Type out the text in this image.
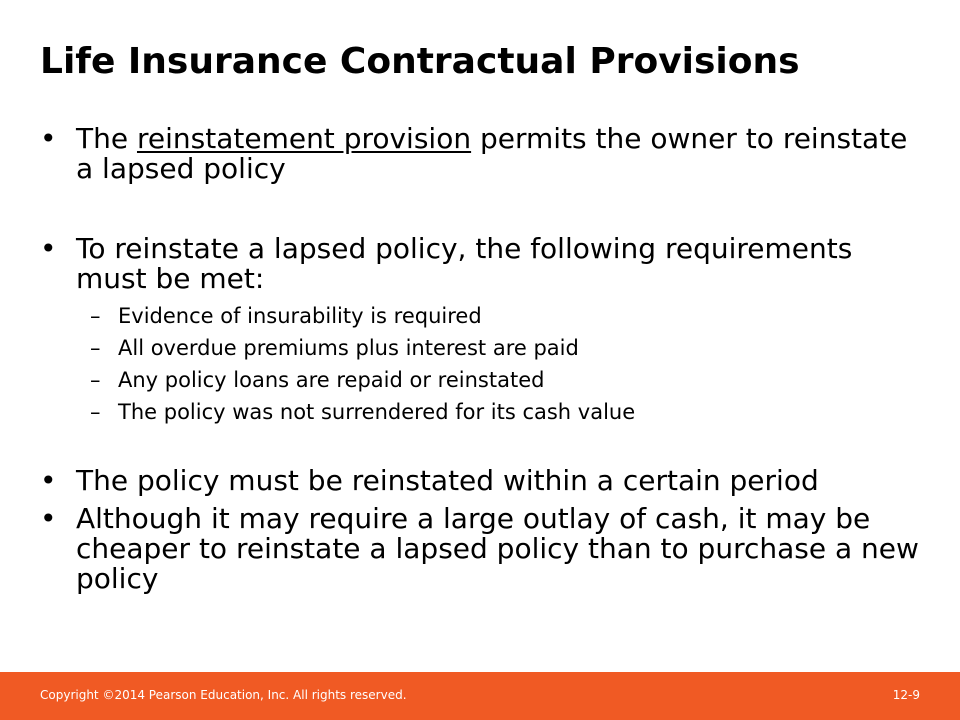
Life Insurance Contractual Provisions
• The reinstatement provision permits the owner to reinstate a lapsed policy
• To reinstate a lapsed policy, the following requirements must be met:
– Evidence of insurability is required
– All overdue premiums plus interest are paid
– Any policy loans are repaid or reinstated
– The policy was not surrendered for its cash value
• The policy must be reinstated within a certain period
• Although it may require a large outlay of cash, it may be cheaper to reinstate a lapsed policy than to purchase a new policy
Copyright ©2014 Pearson Education, Inc. All rights reserved.	12-9
